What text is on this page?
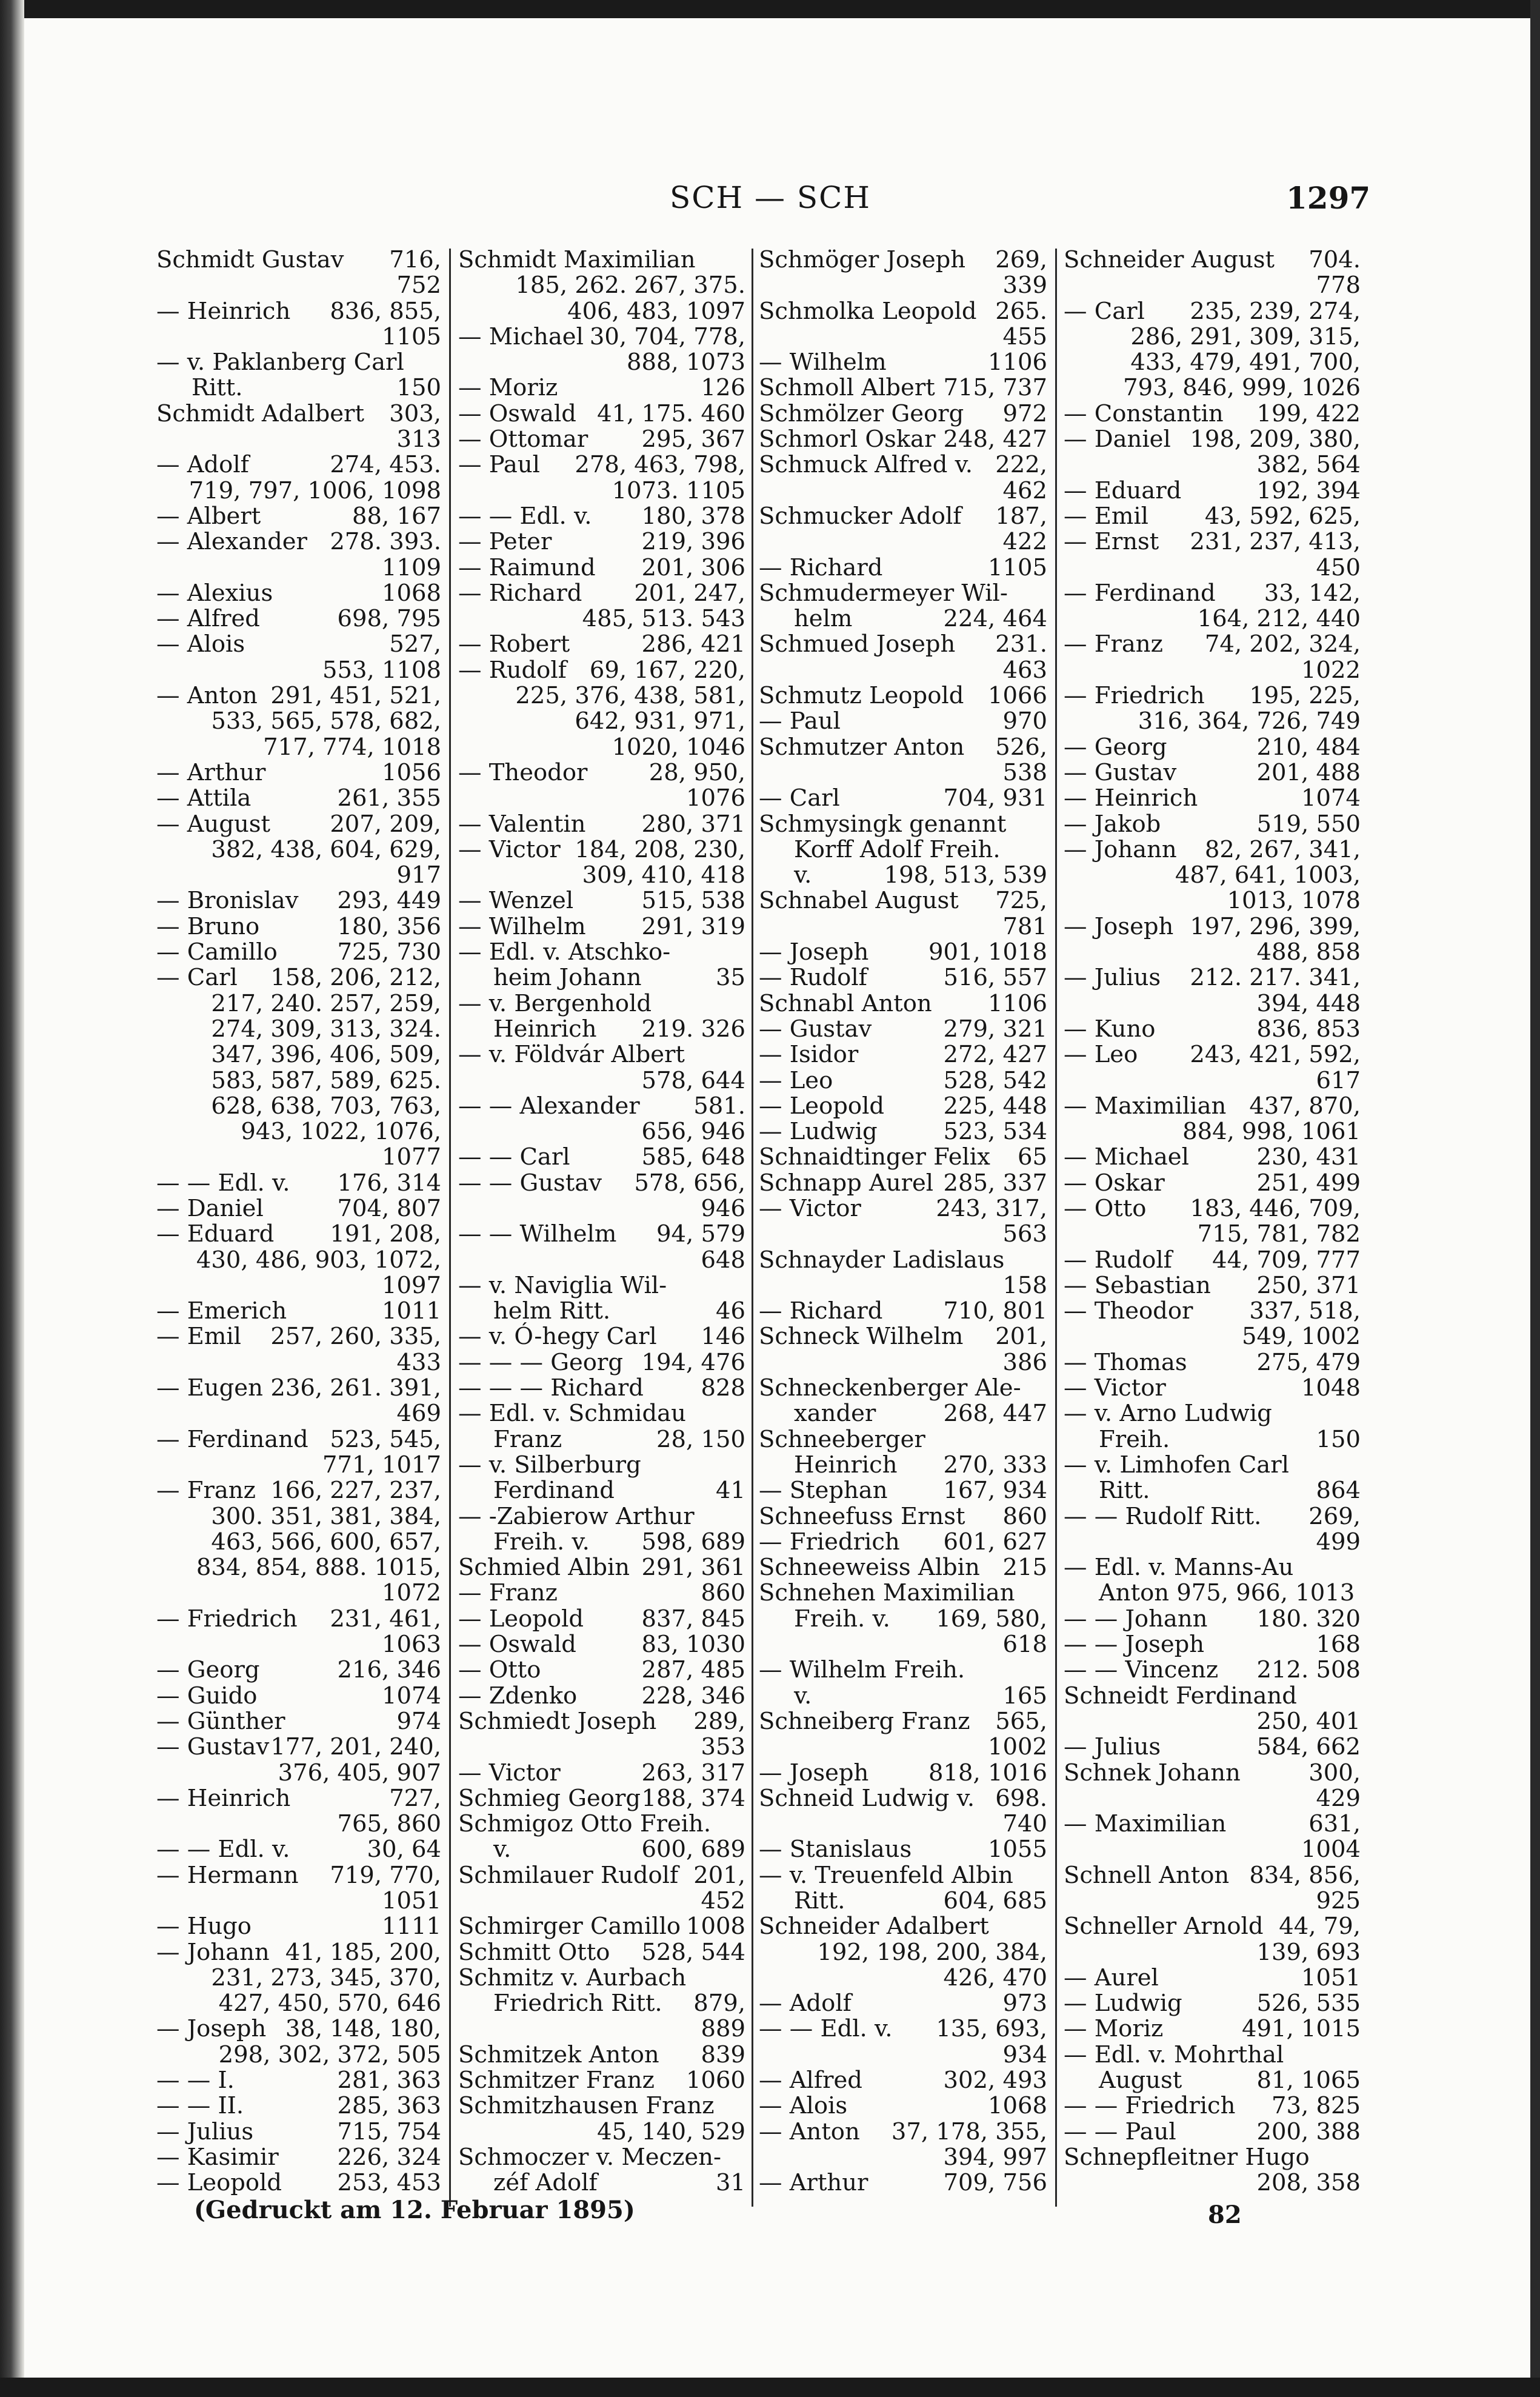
SCH — SCH	1297
Schmidt Gustav 716,
752
— Heinrich 836, 855,
1105
— v. Paklanberg Carl
Ritt.	150
Schmidt Adalbert 303,
313
— Adolf	274, 453.
719, 797, 1006, 1098
— Albert	88, 167
— Alexander 278. 393.
1109
— Alexius	1068
— Alfred	698, 795
— Alois	527,
553, 1108
— Anton 291, 451, 521,
533, 565, 578, 682,
717, 774, 1018
— Arthur	1056
— Attila	261, 355
— August	207, 209,
382, 438, 604, 629,
917
— Bronislav 293, 449
— Bruno	180, 356
— Camillo	725, 730
— Carl 158, 206, 212,
217, 240. 257, 259,
274, 309, 313, 324.
347, 396, 406, 509,
583, 587, 589, 625.
628, 638, 703, 763,
943, 1022, 1076,
1077
— — Edl. v. 176, 314
— Daniel	704, 807
— Eduard 191, 208,
430, 486, 903, 1072,
1097
— Emerich	1011
— Emil 257, 260, 335,
433
— Eugen 236, 261. 391,
469
— Ferdinand 523, 545,
771, 1017
— Franz 166, 227, 237,
300. 351, 381, 384,
463, 566, 600, 657,
834, 854, 888. 1015,
1072
— Friedrich 231, 461,
1063
— Georg	216, 346
— Guido	1074
— Günther	974
— Gustav 177, 201, 240,
376, 405, 907
— Heinrich	727,
765, 860
— — Edl. v.	30, 64
— Hermann 719, 770,
1051
— Hugo	1111
— Johann 41, 185, 200,
231, 273, 345, 370,
427, 450, 570, 646
— Joseph 38, 148, 180,
298, 302, 372, 505
— — I.	281, 363
— — II.	285, 363
— Julius	715, 754
— Kasimir	226, 324
— Leopold 253, 453
Schmidt Maximilian
185, 262. 267, 375.
406, 483, 1097
— Michael 30, 704, 778,
888, 1073
— Moriz	126
— Oswald 41, 175. 460
— Ottomar 295, 367
— Paul 278, 463, 798,
1073. 1105
— — Edl. v. 180, 378
— Peter	219, 396
— Raimund 201, 306
— Richard 201, 247,
485, 513. 543
— Robert	286, 421
— Rudolf 69, 167, 220,
225, 376, 438, 581,
642, 931, 971,
1020, 1046
— Theodor	28, 950,
1076
— Valentin 280, 371
— Victor 184, 208, 230,
309, 410, 418
— Wenzel	515, 538
— Wilhelm 291, 319
— Edl. v. Atschko-
heim Johann	35
— v. Bergenhold
Heinrich 219. 326
— v. Földvár Albert
578, 644
— — Alexander 581.
656, 946
— — Carl	585, 648
— — Gustav 578, 656,
946
— — Wilhelm 94, 579
648
— v. Naviglia Wil-
helm Ritt.	46
— v. Ó-hegy Carl 146
— — — Georg 194, 476
— — — Richard 828
— Edl. v. Schmidau
Franz	28, 150
— v. Silberburg
Ferdinand	41
— -Zabierow Arthur
Freih. v. 598, 689
Schmied Albin 291, 361
— Franz	860
— Leopold 837, 845
— Oswald	83, 1030
— Otto	287, 485
— Zdenko	228, 346
Schmiedt Joseph 289,
353
— Victor	263, 317
Schmieg Georg 188, 374
Schmigoz Otto Freih.
v.	600, 689
Schmilauer Rudolf 201,
452
Schmirger Camillo 1008
Schmitt Otto 528, 544
Schmitz v. Aurbach
Friedrich Ritt. 879,
889
Schmitzek Anton 839
Schmitzer Franz 1060
Schmitzhausen Franz
45, 140, 529
Schmoczer v. Meczen-
zéf Adolf	31
Schmöger Joseph 269,
339
Schmolka Leopold 265.
455
— Wilhelm	1106
Schmoll Albert 715, 737
Schmölzer Georg 972
Schmorl Oskar 248, 427
Schmuck Alfred v. 222,
462
Schmucker Adolf 187,
422
— Richard	1105
Schmudermeyer Wil-
helm	224, 464
Schmued Joseph 231.
463
Schmutz Leopold 1066
— Paul	970
Schmutzer Anton 526,
538
— Carl	704, 931
Schmysingk genannt
Korff Adolf Freih.
v.	198, 513, 539
Schnabel August 725,
781
— Joseph	901, 1018
— Rudolf	516, 557
Schnabl Anton 1106
— Gustav	279, 321
— Isidor	272, 427
— Leo	528, 542
— Leopold	225, 448
— Ludwig	523, 534
Schnaidtinger Felix 65
Schnapp Aurel 285, 337
— Victor	243, 317,
563
Schnayder Ladislaus
158
— Richard	710, 801
Schneck Wilhelm 201,
386
Schneckenberger Ale-
xander	268, 447
Schneeberger
Heinrich 270, 333
— Stephan 167, 934
Schneefuss Ernst 860
— Friedrich 601, 627
Schneeweiss Albin 215
Schnehen Maximilian
Freih. v. 169, 580,
618
— Wilhelm Freih.
v.	165
Schneiberg Franz 565,
1002
— Joseph	818, 1016
Schneid Ludwig v. 698.
740
— Stanislaus	1055
— v. Treuenfeld Albin
Ritt.	604, 685
Schneider Adalbert
192, 198, 200, 384,
426, 470
— Adolf	973
— — Edl. v. 135, 693,
934
— Alfred	302, 493
— Alois	1068
— Anton 37, 178, 355,
394, 997
— Arthur	709, 756
Schneider August 704.
778
— Carl 235, 239, 274,
286, 291, 309, 315,
433, 479, 491, 700,
793, 846, 999, 1026
— Constantin 199, 422
— Daniel 198, 209, 380,
382, 564
— Eduard	192, 394
— Emil 43, 592, 625,
— Ernst 231, 237, 413,
450
— Ferdinand 33, 142,
164, 212, 440
— Franz 74, 202, 324,
1022
— Friedrich 195, 225,
316, 364, 726, 749
— Georg	210, 484
— Gustav	201, 488
— Heinrich	1074
— Jakob	519, 550
— Johann 82, 267, 341,
487, 641, 1003,
1013, 1078
— Joseph 197, 296, 399,
488, 858
— Julius 212. 217. 341,
394, 448
— Kuno	836, 853
— Leo 243, 421, 592,
617
— Maximilian 437, 870,
884, 998, 1061
— Michael	230, 431
— Oskar	251, 499
— Otto 183, 446, 709,
715, 781, 782
— Rudolf 44, 709, 777
— Sebastian 250, 371
— Theodor 337, 518,
549, 1002
— Thomas	275, 479
— Victor	1048
— v. Arno Ludwig
Freih.	150
— v. Limhofen Carl
Ritt.	864
— — Rudolf Ritt. 269,
499
— Edl. v. Manns-Au
Anton 975, 966, 1013
— — Johann 180. 320
— — Joseph	168
— — Vincenz 212. 508
Schneidt Ferdinand
250, 401
— Julius	584, 662
Schnek Johann	300,
429
— Maximilian	631,
1004
Schnell Anton 834, 856,
925
Schneller Arnold 44, 79,
139, 693
— Aurel	1051
— Ludwig	526, 535
— Moriz	491, 1015
— Edl. v. Mohrthal
August	81, 1065
— — Friedrich 73, 825
— — Paul	200, 388
Schnepfleitner Hugo
208, 358
(Gedruckt am 12. Februar 1895)	82
